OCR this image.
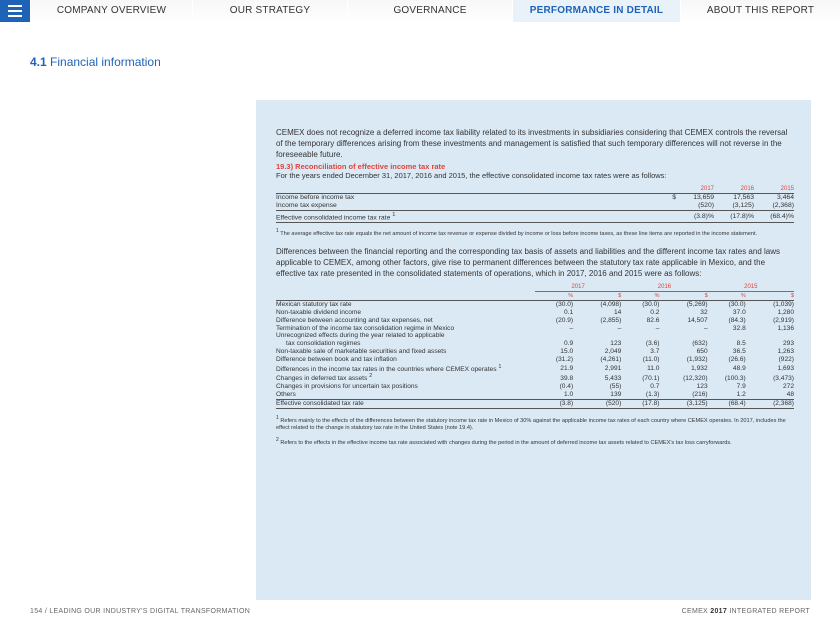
COMPANY OVERVIEW	OUR STRATEGY	GOVERNANCE	PERFORMANCE IN DETAIL	ABOUT THIS REPORT
4.1 Financial information

CEMEX does not recognize a deferred income tax liability related to its investments in subsidiaries considering that CEMEX controls the reversal of the temporary differences arising from these investments and management is satisfied that such temporary differences will not reverse in the foreseeable future.

19.3) Reconciliation of effective income tax rate

For the years ended December 31, 2017, 2016 and 2015, the effective consolidated income tax rates were as follows:

		2017	2016	2015
Income before income tax	$	13,659	17,563	3,464
Income tax expense		(520)	(3,125)	(2,368)
Effective consolidated income tax rate $^1$		(3.8)%	(17.8)%	(68.4)%

$^1$ The average effective tax rate equals the net amount of income tax revenue or expense divided by income or loss before income taxes, as these line items are reported in the income statement.

Differences between the financial reporting and the corresponding tax basis of assets and liabilities and the different income tax rates and laws applicable to CEMEX, among other factors, give rise to permanent differences between the statutory tax rate applicable in Mexico, and the effective tax rate presented in the consolidated statements of operations, which in 2017, 2016 and 2015 were as follows:

	2017		2016		2015	
	%	$	%	$	%	$
Mexican statutory tax rate	(30.0)	(4,098)	(30.0)	(5,269)	(30.0)	(1,039)
Non-taxable dividend income	0.1	14	0.2	32	37.0	1,280
Difference between accounting and tax expenses, net	(20.9)	(2,855)	82.6	14,507	(84.3)	(2,919)
Termination of the income tax consolidation regime in Mexico	–	–	–	–	32.8	1,136
Unrecognized effects during the year related to applicable						
tax consolidation regimes	0.9	123	(3.6)	(632)	8.5	293
Non-taxable sale of marketable securities and fixed assets	15.0	2,049	3.7	650	36.5	1,263
Difference between book and tax inflation	(31.2)	(4,261)	(11.0)	(1,932)	(26.6)	(922)
Differences in the income tax rates in the countries where CEMEX operates $^1$	21.9	2,991	11.0	1,932	48.9	1,693
Changes in deferred tax assets $^2$	39.8	5,433	(70.1)	(12,320)	(100.3)	(3,473)
Changes in provisions for uncertain tax positions	(0.4)	(55)	0.7	123	7.9	272
Others	1.0	139	(1.3)	(216)	1.2	48
Effective consolidated tax rate	(3.8)	(520)	(17.8)	(3,125)	(68.4)	(2,368)

$^1$ Refers mainly to the effects of the differences between the statutory income tax rate in Mexico of 30% against the applicable income tax rates of each country where CEMEX operates. In 2017, includes the effect related to the change in statutory tax rate in the United States (note 19.4).

$^2$ Refers to the effects in the effective income tax rate associated with changes during the period in the amount of deferred income tax assets related to CEMEX's tax loss carryforwards.

154 / LEADING OUR INDUSTRY'S DIGITAL TRANSFORMATION	CEMEX 2017 INTEGRATED REPORT
